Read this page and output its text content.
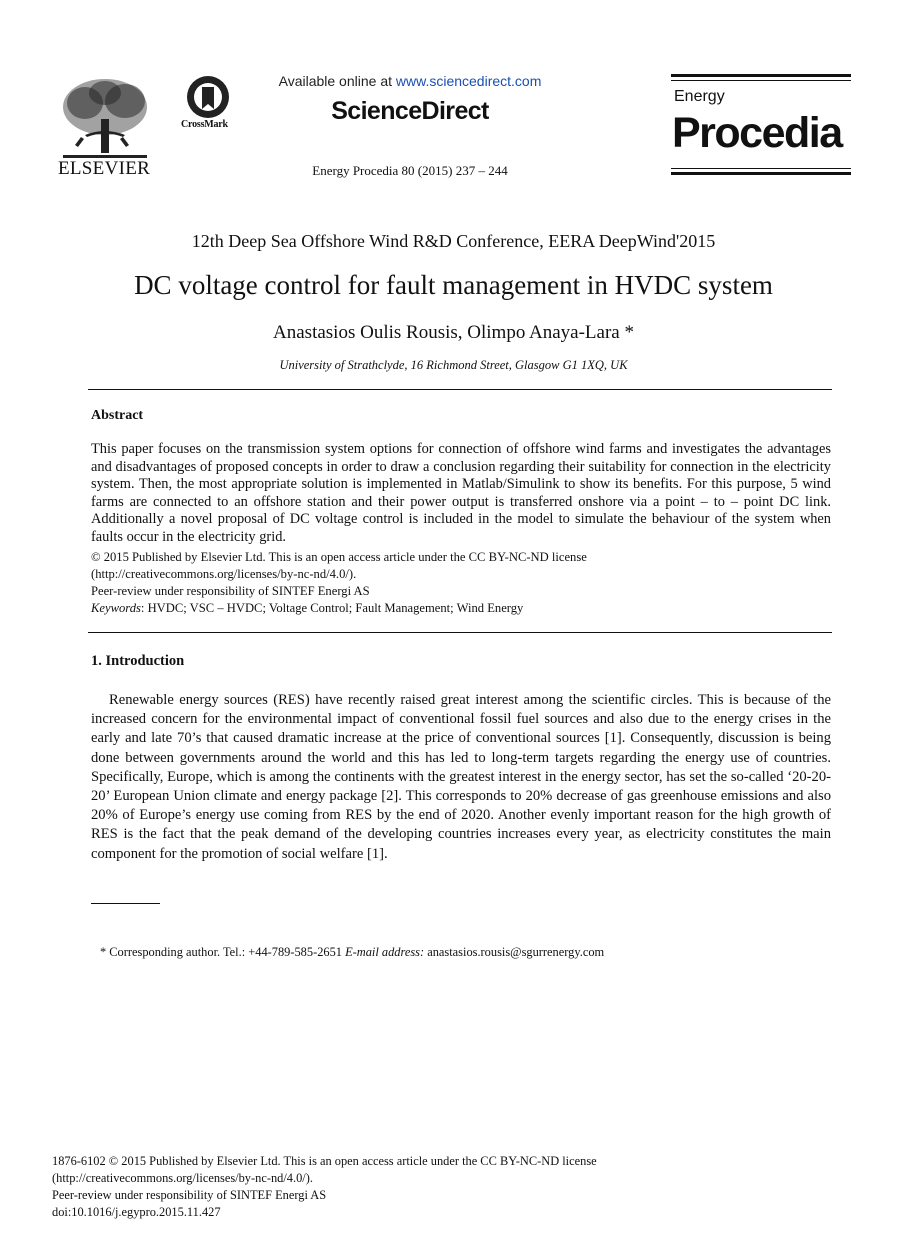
ELSEVIER
CrossMark
Available online at www.sciencedirect.com
ScienceDirect
Energy Procedia 80 (2015) 237 – 244
Energy
Procedia
12th Deep Sea Offshore Wind R&D Conference, EERA DeepWind'2015
DC voltage control for fault management in HVDC system
Anastasios Oulis Rousis, Olimpo Anaya-Lara *
University of Strathclyde, 16 Richmond Street, Glasgow G1 1XQ, UK
Abstract
This paper focuses on the transmission system options for connection of offshore wind farms and investigates the advantages and disadvantages of proposed concepts in order to draw a conclusion regarding their suitability for connection in the electricity system. Then, the most appropriate solution is implemented in Matlab/Simulink to show its benefits. For this purpose, 5 wind farms are connected to an offshore station and their power output is transferred onshore via a point – to – point DC link. Additionally a novel proposal of DC voltage control is included in the model to simulate the behaviour of the system when faults occur in the electricity grid.
© 2015 Published by Elsevier Ltd. This is an open access article under the CC BY-NC-ND license
(http://creativecommons.org/licenses/by-nc-nd/4.0/).
Peer-review under responsibility of SINTEF Energi AS
Keywords: HVDC; VSC – HVDC; Voltage Control; Fault Management; Wind Energy
1. Introduction
Renewable energy sources (RES) have recently raised great interest among the scientific circles. This is because of the increased concern for the environmental impact of conventional fossil fuel sources and also due to the energy crises in the early and late 70’s that caused dramatic increase at the price of conventional sources [1]. Consequently, discussion is being done between governments around the world and this has led to long-term targets regarding the energy use of countries. Specifically, Europe, which is among the continents with the greatest interest in the energy sector, has set the so-called ‘20-20-20’ European Union climate and energy package [2]. This corresponds to 20% decrease of gas greenhouse emissions and also 20% of Europe’s energy use coming from RES by the end of 2020. Another evenly important reason for the high growth of RES is the fact that the peak demand of the developing countries increases every year, as electricity constitutes the main component for the promotion of social welfare [1].
* Corresponding author. Tel.: +44-789-585-2651 E-mail address: anastasios.rousis@sgurrenergy.com
1876-6102 © 2015 Published by Elsevier Ltd. This is an open access article under the CC BY-NC-ND license
(http://creativecommons.org/licenses/by-nc-nd/4.0/).
Peer-review under responsibility of SINTEF Energi AS
doi:10.1016/j.egypro.2015.11.427
